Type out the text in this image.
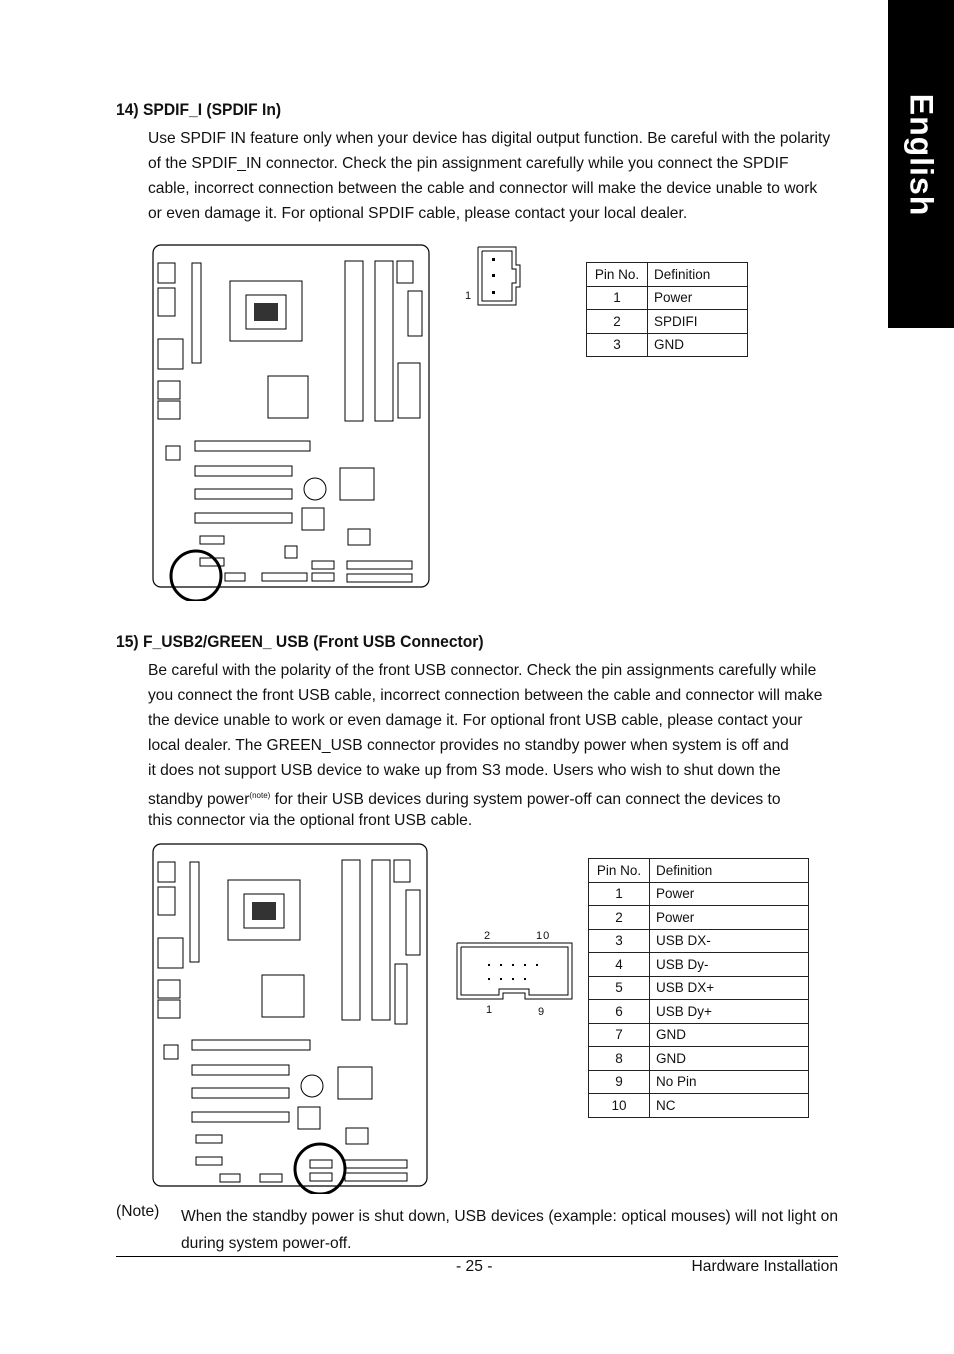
English
14) SPDIF_I (SPDIF In)
Use SPDIF IN feature only when your device has digital output function. Be careful with the polarity
of the SPDIF_IN connector. Check the pin assignment carefully while you connect the SPDIF
cable, incorrect connection between the cable and connector will make the device unable to work
or even damage it. For optional SPDIF cable, please contact your local dealer.
1
Pin No.	Definition
1	Power
2	SPDIFI
3	GND
15) F_USB2/GREEN_ USB (Front USB Connector)
Be careful with the polarity of the front USB connector. Check the pin assignments carefully while
you connect the front USB cable, incorrect connection between the cable and connector will make
the device unable to work or even damage it. For optional front USB cable, please contact your
local dealer. The GREEN_USB connector provides no standby power when system is off and
it does not support USB device to wake up from S3 mode. Users who wish to shut down the
standby power$^{(note)}$ for their USB devices during system power-off can connect the devices to
this connector via the optional front USB cable.
2	10
1	9
Pin No.	Definition
1	Power
2	Power
3	USB DX-
4	USB Dy-
5	USB DX+
6	USB Dy+
7	GND
8	GND
9	No Pin
10	NC
(Note) When the standby power is shut down, USB devices (example: optical mouses) will not light on during system power-off.
- 25 -	Hardware Installation
